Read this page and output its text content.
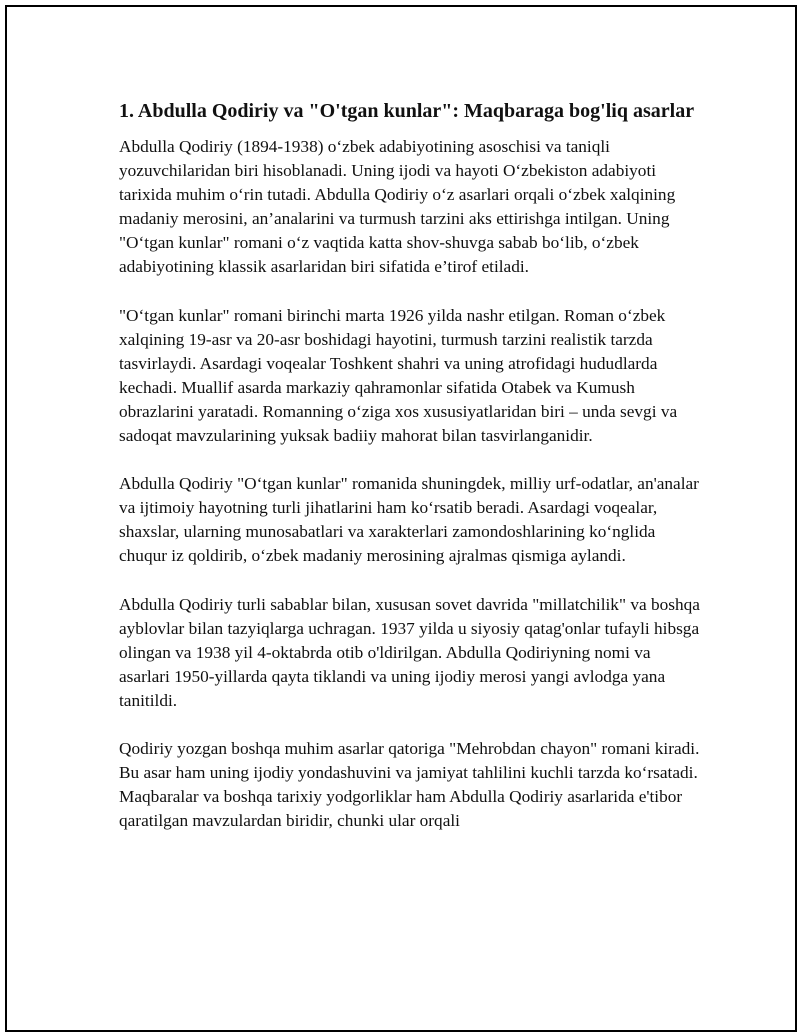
1. Abdulla Qodiriy va "O'tgan kunlar": Maqbaraga bog'liq asarlar

Abdulla Qodiriy (1894-1938) o‘zbek adabiyotining asoschisi va taniqli yozuvchilaridan biri hisoblanadi. Uning ijodi va hayoti O‘zbekiston adabiyoti tarixida muhim o‘rin tutadi. Abdulla Qodiriy o‘z asarlari orqali o‘zbek xalqining madaniy merosini, an’analarini va turmush tarzini aks ettirishga intilgan. Uning "O‘tgan kunlar" romani o‘z vaqtida katta shov-shuvga sabab bo‘lib, o‘zbek adabiyotining klassik asarlaridan biri sifatida e’tirof etiladi.

"O‘tgan kunlar" romani birinchi marta 1926 yilda nashr etilgan. Roman o‘zbek xalqining 19-asr va 20-asr boshidagi hayotini, turmush tarzini realistik tarzda tasvirlaydi. Asardagi voqealar Toshkent shahri va uning atrofidagi hududlarda kechadi. Muallif asarda markaziy qahramonlar sifatida Otabek va Kumush obrazlarini yaratadi. Romanning o‘ziga xos xususiyatlaridan biri – unda sevgi va sadoqat mavzularining yuksak badiiy mahorat bilan tasvirlanganidir.

Abdulla Qodiriy "O‘tgan kunlar" romanida shuningdek, milliy urf-odatlar, an'analar va ijtimoiy hayotning turli jihatlarini ham ko‘rsatib beradi. Asardagi voqealar, shaxslar, ularning munosabatlari va xarakterlari zamondoshlarining ko‘nglida chuqur iz qoldirib, o‘zbek madaniy merosining ajralmas qismiga aylandi.

Abdulla Qodiriy turli sabablar bilan, xususan sovet davrida "millatchilik" va boshqa ayblovlar bilan tazyiqlarga uchragan. 1937 yilda u siyosiy qatag'onlar tufayli hibsga olingan va 1938 yil 4-oktabrda otib o'ldirilgan. Abdulla Qodiriyning nomi va asarlari 1950-yillarda qayta tiklandi va uning ijodiy merosi yangi avlodga yana tanitildi.

Qodiriy yozgan boshqa muhim asarlar qatoriga "Mehrobdan chayon" romani kiradi. Bu asar ham uning ijodiy yondashuvini va jamiyat tahlilini kuchli tarzda ko‘rsatadi. Maqbaralar va boshqa tarixiy yodgorliklar ham Abdulla Qodiriy asarlarida e'tibor qaratilgan mavzulardan biridir, chunki ular orqali
